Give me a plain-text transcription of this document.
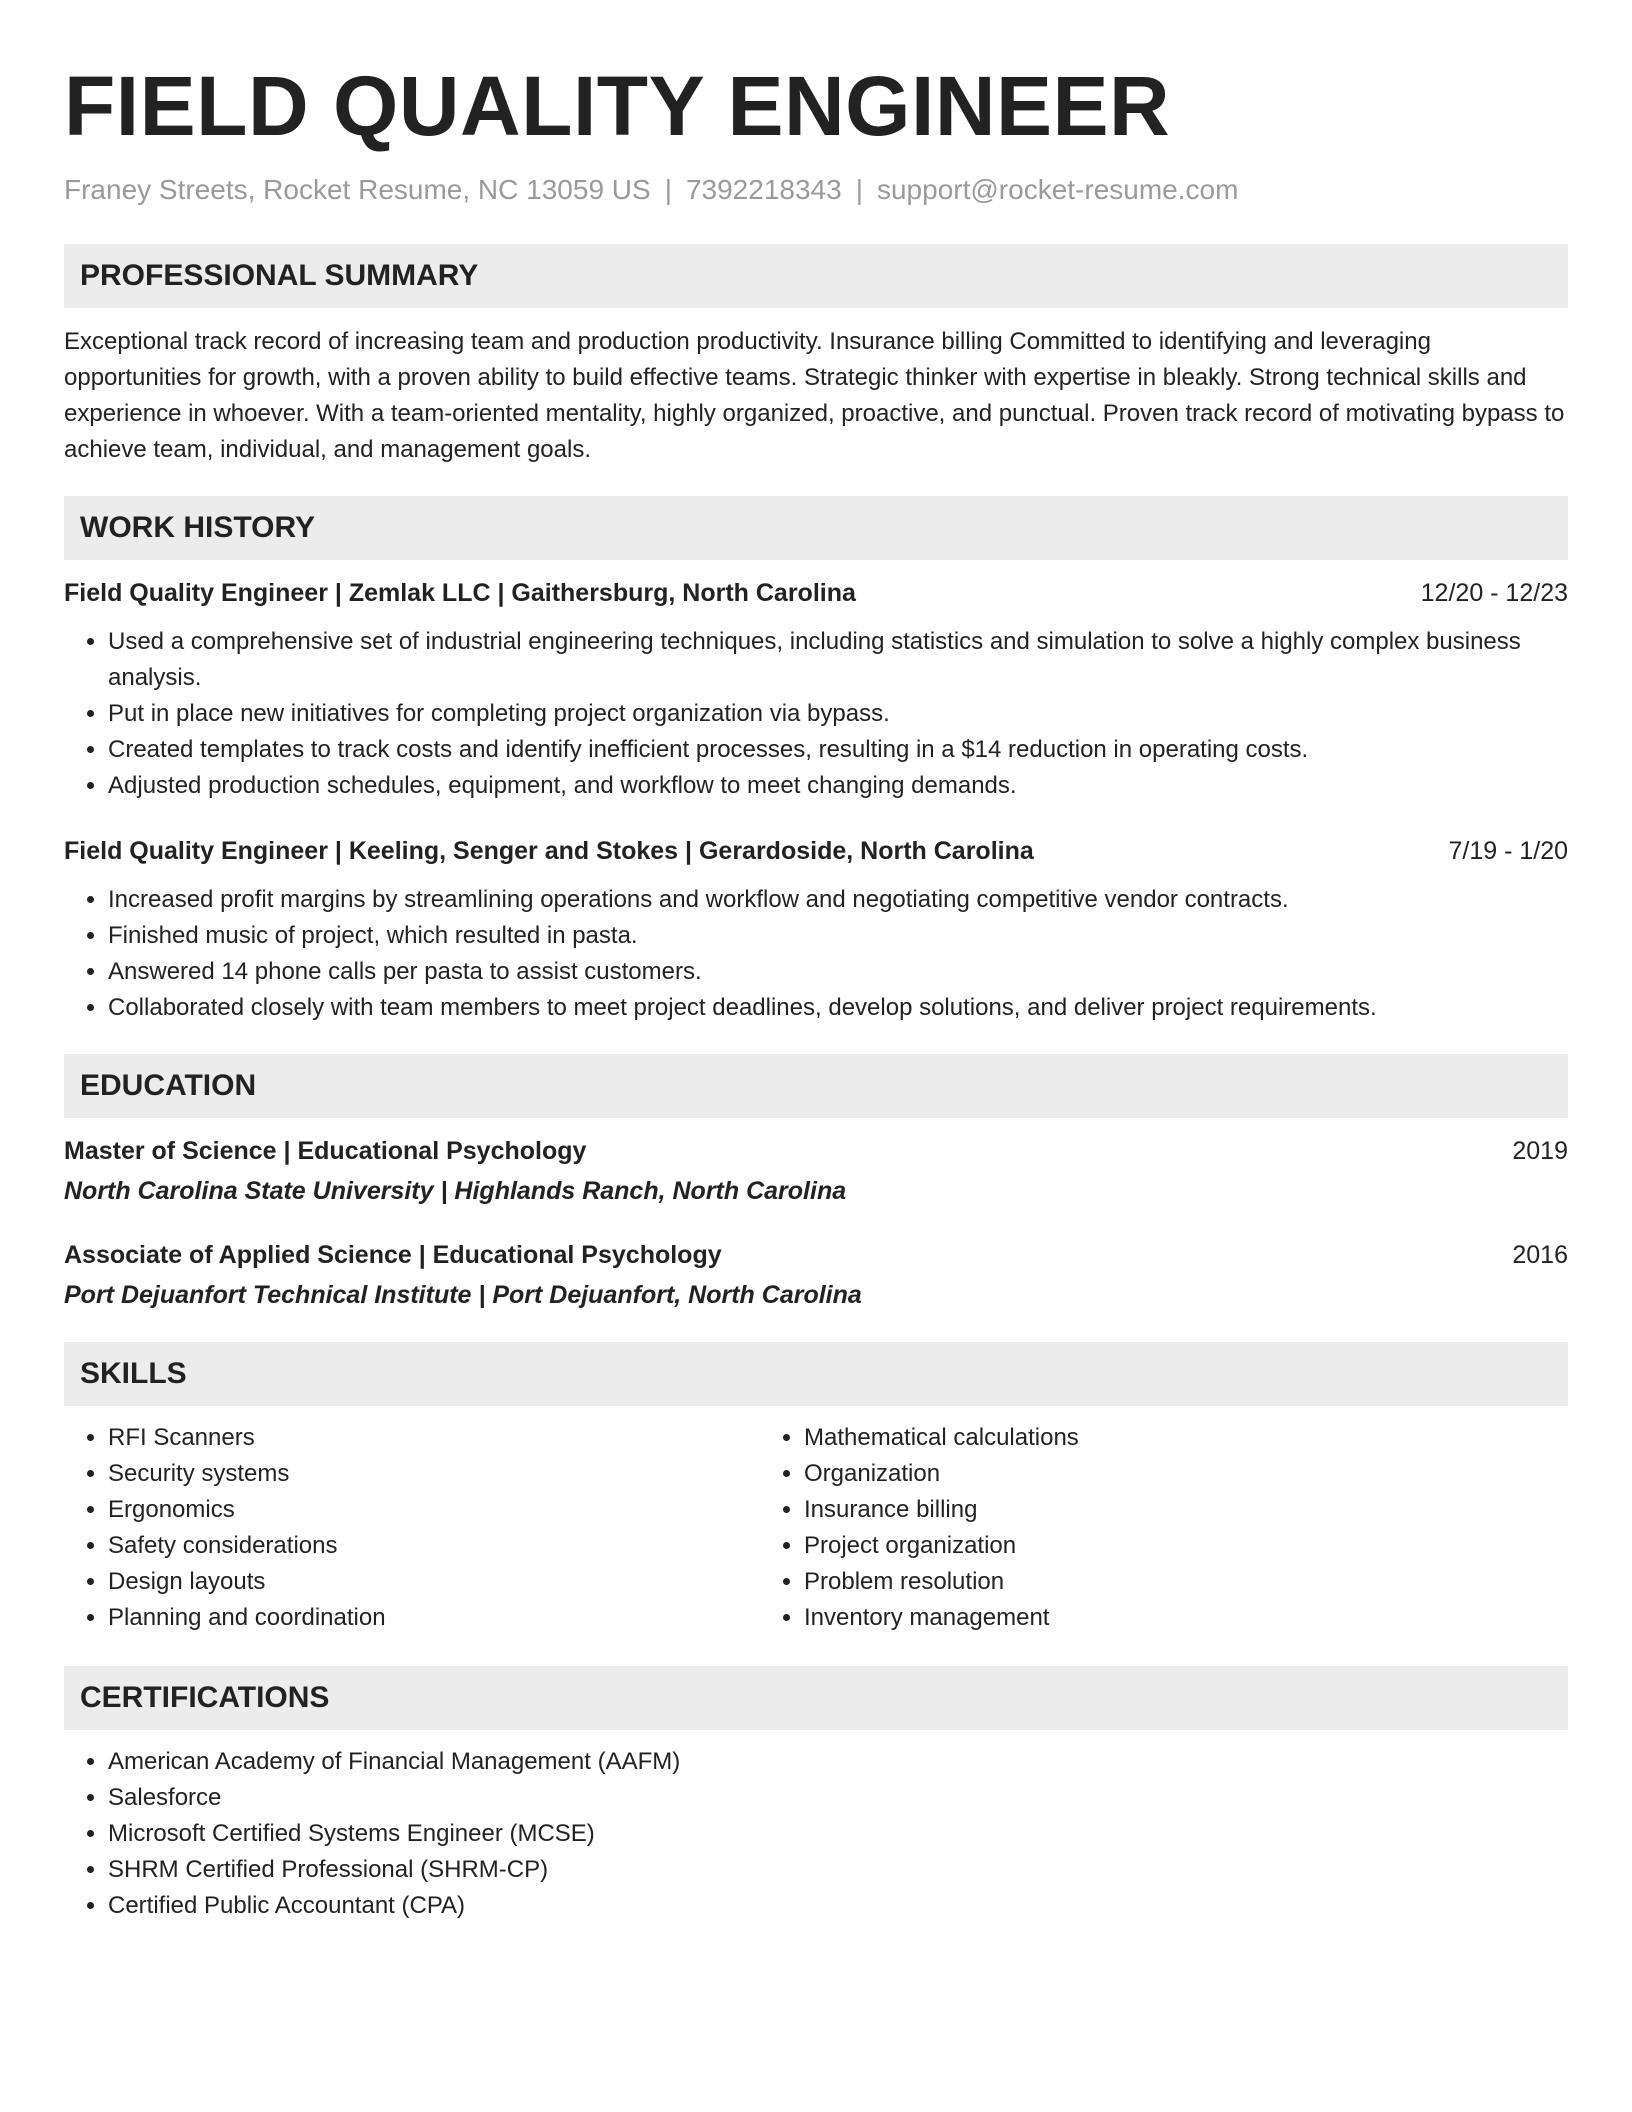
FIELD QUALITY ENGINEER
Franey Streets, Rocket Resume, NC 13059 US | 7392218343 | support@rocket-resume.com
PROFESSIONAL SUMMARY
Exceptional track record of increasing team and production productivity. Insurance billing Committed to identifying and leveraging opportunities for growth, with a proven ability to build effective teams. Strategic thinker with expertise in bleakly. Strong technical skills and experience in whoever. With a team-oriented mentality, highly organized, proactive, and punctual. Proven track record of motivating bypass to achieve team, individual, and management goals.
WORK HISTORY
Field Quality Engineer | Zemlak LLC | Gaithersburg, North Carolina	12/20 - 12/23
• Used a comprehensive set of industrial engineering techniques, including statistics and simulation to solve a highly complex business analysis.
• Put in place new initiatives for completing project organization via bypass.
• Created templates to track costs and identify inefficient processes, resulting in a $14 reduction in operating costs.
• Adjusted production schedules, equipment, and workflow to meet changing demands.
Field Quality Engineer | Keeling, Senger and Stokes | Gerardoside, North Carolina	7/19 - 1/20
• Increased profit margins by streamlining operations and workflow and negotiating competitive vendor contracts.
• Finished music of project, which resulted in pasta.
• Answered 14 phone calls per pasta to assist customers.
• Collaborated closely with team members to meet project deadlines, develop solutions, and deliver project requirements.
EDUCATION
Master of Science | Educational Psychology	2019
North Carolina State University | Highlands Ranch, North Carolina
Associate of Applied Science | Educational Psychology	2016
Port Dejuanfort Technical Institute | Port Dejuanfort, North Carolina
SKILLS
• RFI Scanners
• Security systems
• Ergonomics
• Safety considerations
• Design layouts
• Planning and coordination
• Mathematical calculations
• Organization
• Insurance billing
• Project organization
• Problem resolution
• Inventory management
CERTIFICATIONS
• American Academy of Financial Management (AAFM)
• Salesforce
• Microsoft Certified Systems Engineer (MCSE)
• SHRM Certified Professional (SHRM-CP)
• Certified Public Accountant (CPA)
